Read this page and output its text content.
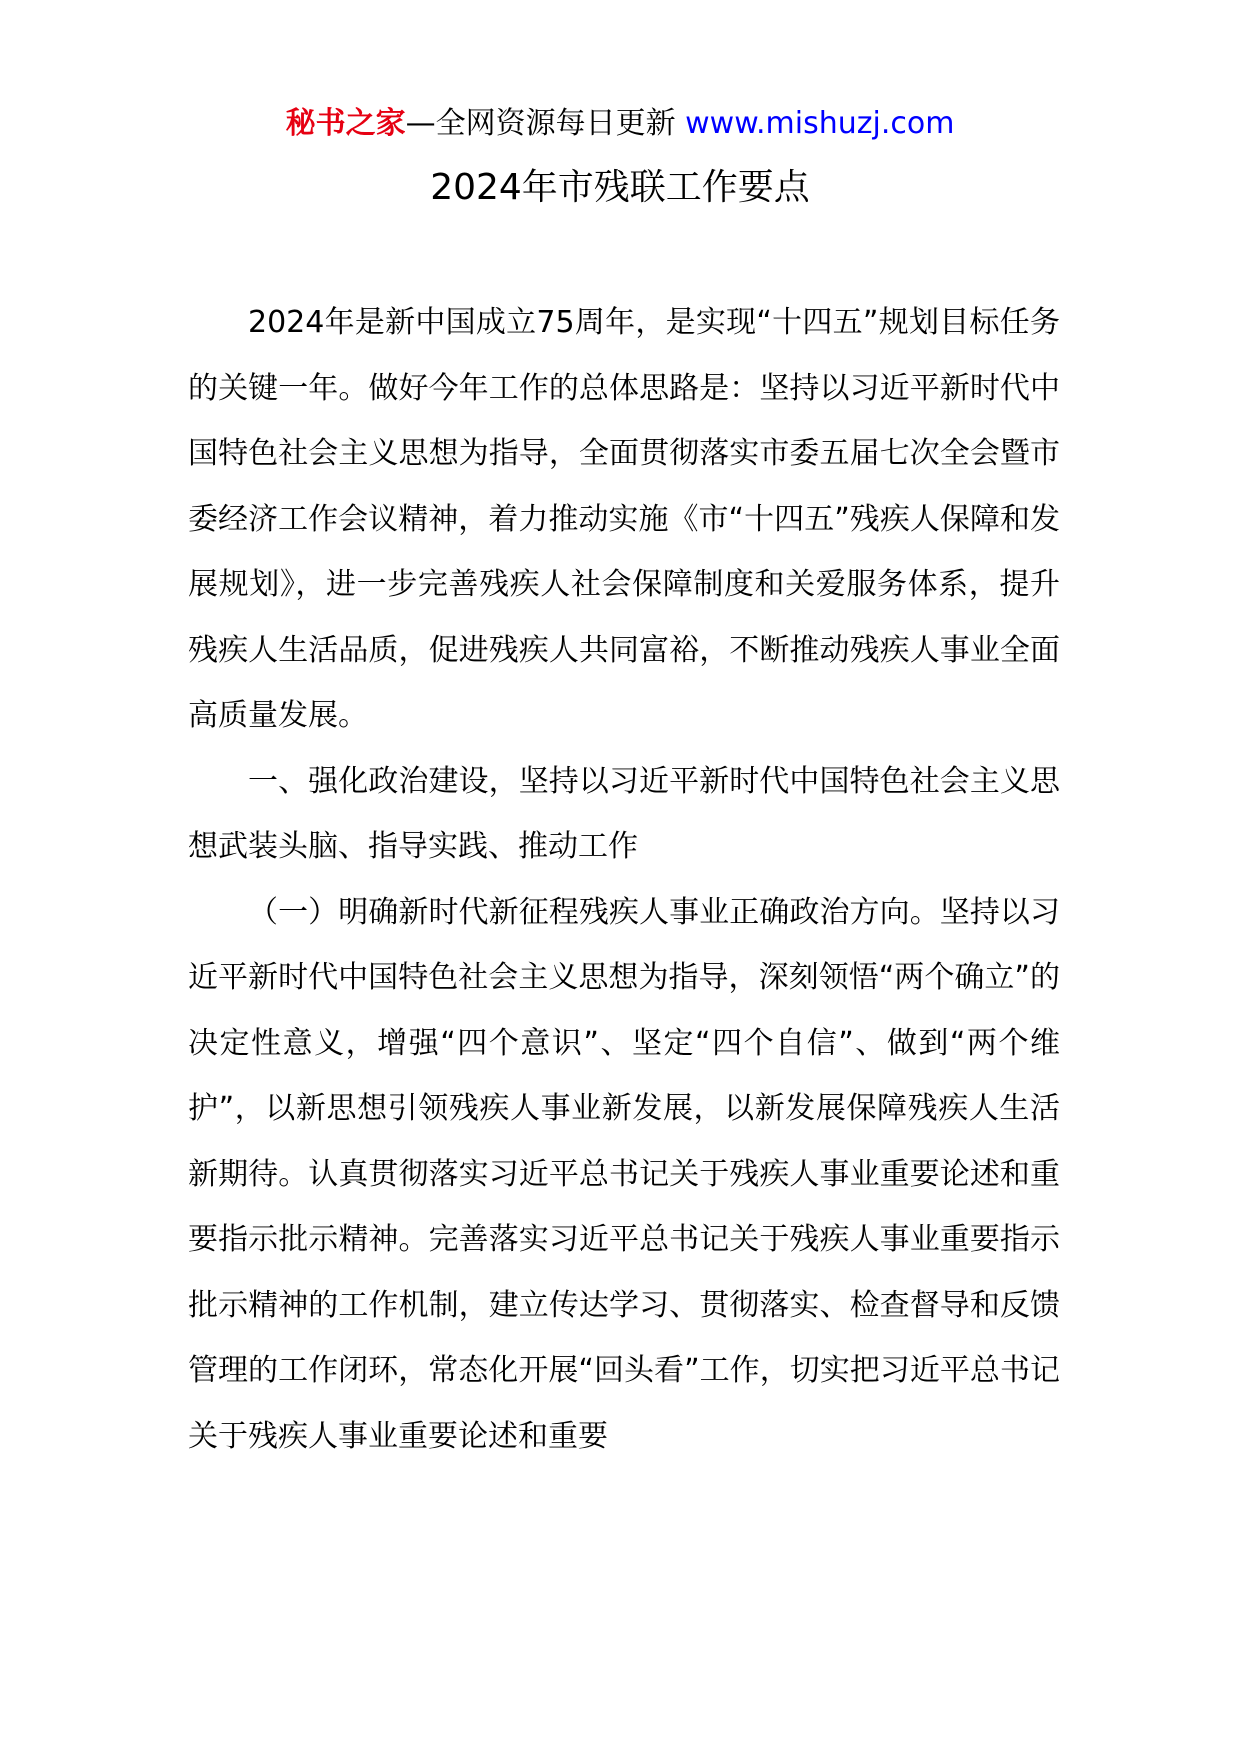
秘书之家—全网资源每日更新 www.mishuzj.com
2024年市残联工作要点

2024年是新中国成立75周年，是实现“十四五”规划目标任务的关键一年。做好今年工作的总体思路是：坚持以习近平新时代中国特色社会主义思想为指导，全面贯彻落实市委五届七次全会暨市委经济工作会议精神，着力推动实施《市“十四五”残疾人保障和发展规划》，进一步完善残疾人社会保障制度和关爱服务体系，提升残疾人生活品质，促进残疾人共同富裕，不断推动残疾人事业全面高质量发展。

一、强化政治建设，坚持以习近平新时代中国特色社会主义思想武装头脑、指导实践、推动工作

（一）明确新时代新征程残疾人事业正确政治方向。坚持以习近平新时代中国特色社会主义思想为指导，深刻领悟“两个确立”的决定性意义，增强“四个意识”、坚定“四个自信”、做到“两个维护”，以新思想引领残疾人事业新发展，以新发展保障残疾人生活新期待。认真贯彻落实习近平总书记关于残疾人事业重要论述和重要指示批示精神。完善落实习近平总书记关于残疾人事业重要指示批示精神的工作机制，建立传达学习、贯彻落实、检查督导和反馈管理的工作闭环，常态化开展“回头看”工作，切实把习近平总书记关于残疾人事业重要论述和重要
